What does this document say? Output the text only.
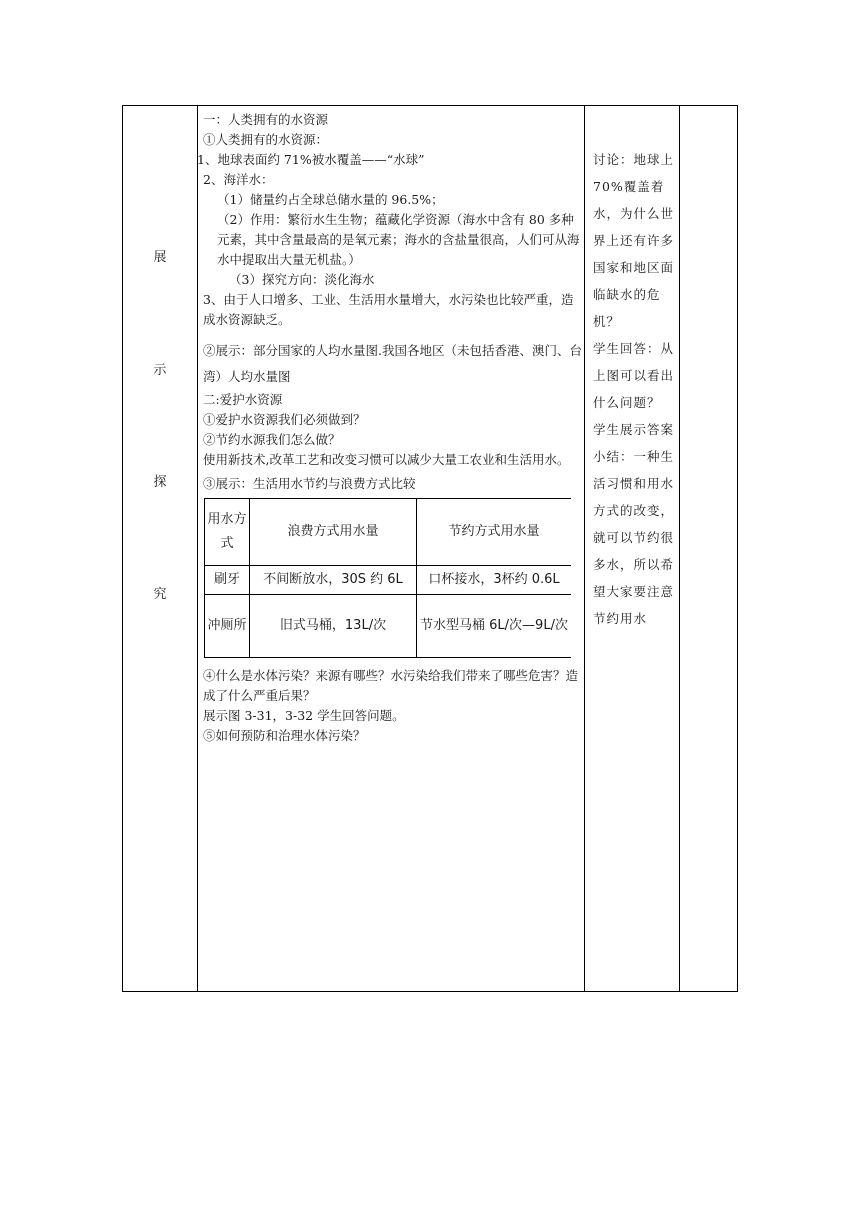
展
示
探
究
一：人类拥有的水资源
①人类拥有的水资源：
1、地球表面约 71%被水覆盖——“水球”
2、海洋水：
（1）储量约占全球总储水量的 96.5%；
（2）作用：繁衍水生生物；蕴藏化学资源（海水中含有 80 多种元素，其中含量最高的是氧元素；海水的含盐量很高，人们可从海水中提取出大量无机盐。）
（3）探究方向：淡化海水
3、由于人口增多、工业、生活用水量增大，水污染也比较严重，造成水资源缺乏。
②展示：部分国家的人均水量图.我国各地区（未包括香港、澳门、台湾）人均水量图
二:爱护水资源
①爱护水资源我们必须做到？
②节约水源我们怎么做？
使用新技术,改革工艺和改变习惯可以减少大量工农业和生活用水。
③展示：生活用水节约与浪费方式比较
用水方式	浪费方式用水量	节约方式用水量
刷牙	不间断放水，30S 约 6L	口杯接水，3杯约 0.6L
冲厕所	旧式马桶，13L/次	节水型马桶 6L/次—9L/次
④什么是水体污染？来源有哪些？水污染给我们带来了哪些危害？造成了什么严重后果？
展示图 3-31，3-32 学生回答问题。
⑤如何预防和治理水体污染？

讨论：地球上 70%覆盖着水，为什么世界上还有许多国家和地区面临缺水的危机？

学生回答：从上图可以看出什么问题？

学生展示答案

小结：一种生活习惯和用水方式的改变，就可以节约很多水，所以希望大家要注意节约用水
